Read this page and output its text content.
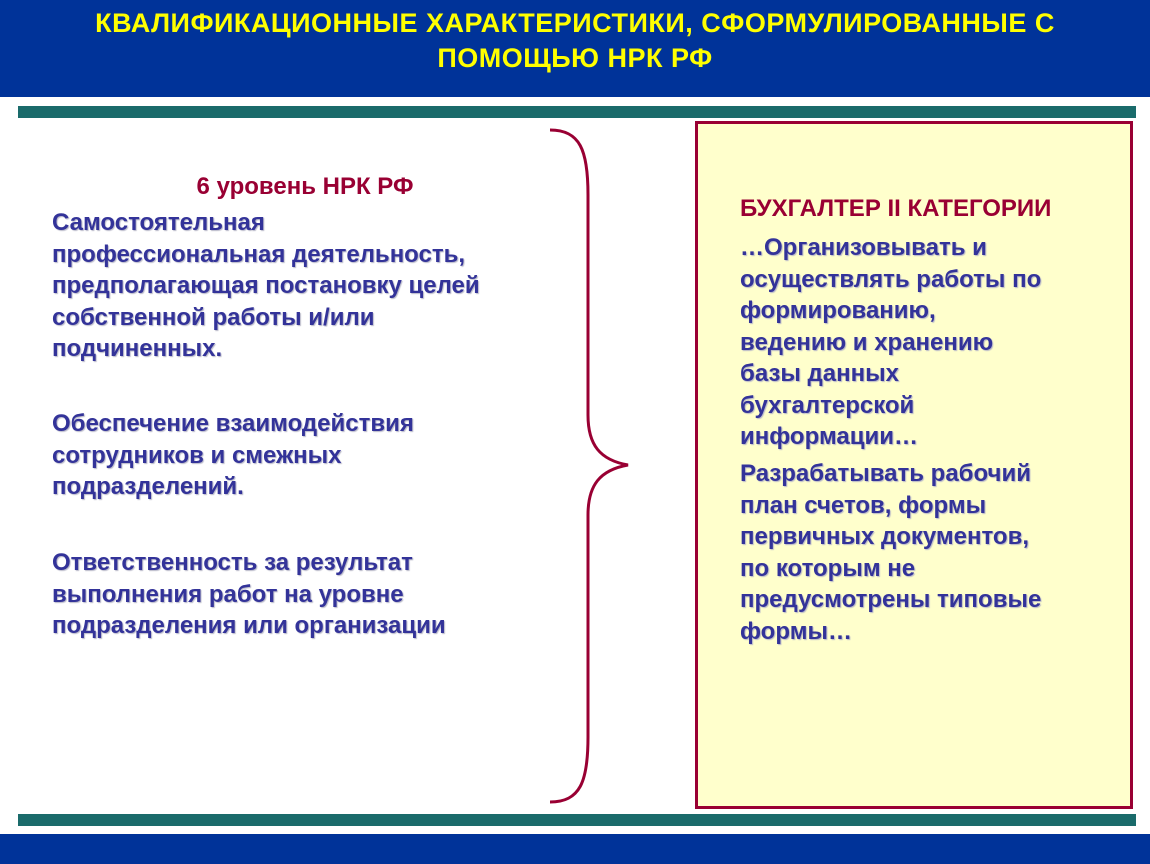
КВАЛИФИКАЦИОННЫЕ ХАРАКТЕРИСТИКИ, СФОРМУЛИРОВАННЫЕ С
ПОМОЩЬЮ НРК РФ
6 уровень НРК РФ
Самостоятельная
профессиональная деятельность,
предполагающая постановку целей
собственной работы и/или
подчиненных.
Обеспечение взаимодействия
сотрудников и смежных
подразделений.
Ответственность за результат
выполнения работ на уровне
подразделения или организации
БУХГАЛТЕР II КАТЕГОРИИ
…Организовывать и
осуществлять работы по
формированию,
ведению и хранению
базы данных
бухгалтерской
информации…
Разрабатывать рабочий
план счетов, формы
первичных документов,
по которым не
предусмотрены типовые
формы…
